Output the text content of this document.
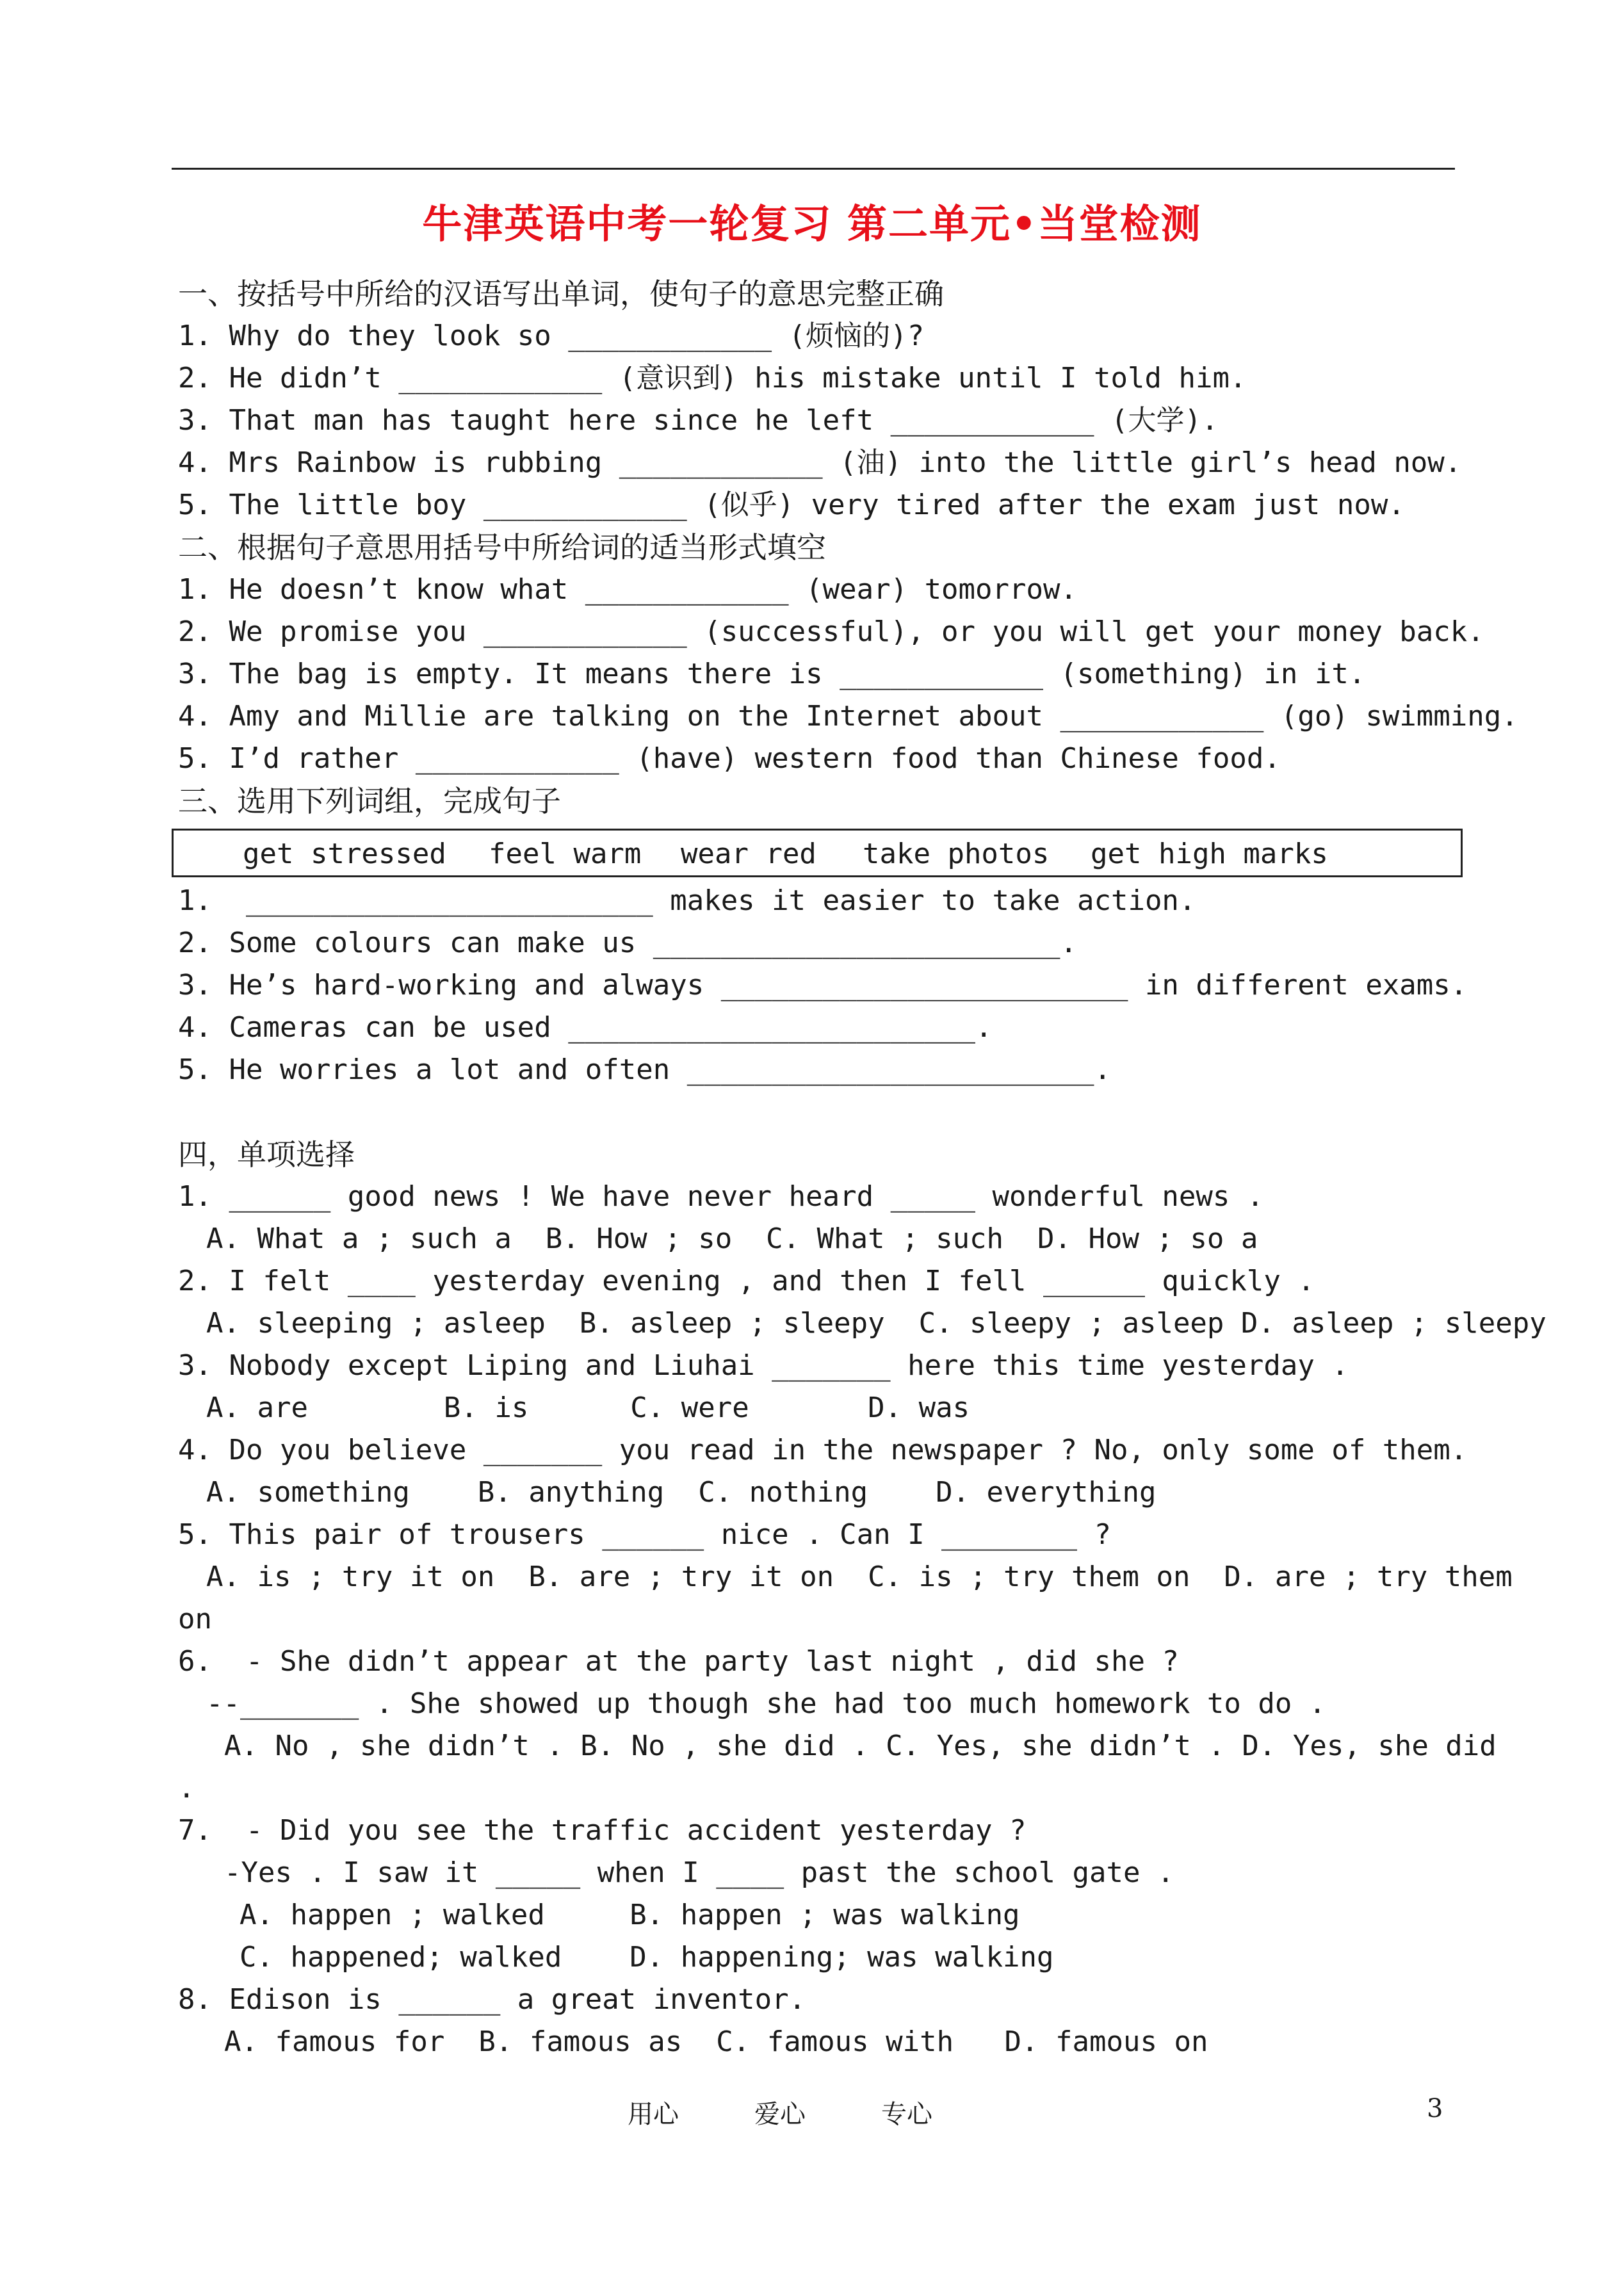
牛津英语中考一轮复习 第二单元•当堂检测
一、按括号中所给的汉语写出单词，使句子的意思完整正确
1. Why do they look so ____________ (烦恼的)?
2. He didn’t ____________ (意识到) his mistake until I told him.
3. That man has taught here since he left ____________ (大学).
4. Mrs Rainbow is rubbing ____________ (油) into the little girl’s head now.
5. The little boy ____________ (似乎) very tired after the exam just now.
二、根据句子意思用括号中所给词的适当形式填空
1. He doesn’t know what ____________ (wear) tomorrow.
2. We promise you ____________ (successful), or you will get your money back.
3. The bag is empty. It means there is ____________ (something) in it.
4. Amy and Millie are talking on the Internet about ____________ (go) swimming.
5. I’d rather ____________ (have) western food than Chinese food.
三、选用下列词组，完成句子
get stressed feel warm wear red take photos get high marks
1.  ________________________ makes it easier to take action.
2. Some colours can make us ________________________.
3. He’s hard-working and always ________________________ in different exams.
4. Cameras can be used ________________________.
5. He worries a lot and often ________________________.
四，单项选择
1. ______ good news ! We have never heard _____ wonderful news .
A. What a ; such a  B. How ; so  C. What ; such  D. How ; so a
2. I felt ____ yesterday evening , and then I fell ______ quickly .
A. sleeping ; asleep  B. asleep ; sleepy  C. sleepy ; asleep D. asleep ; sleepy
3. Nobody except Liping and Liuhai _______ here this time yesterday .
A. are        B. is      C. were       D. was
4. Do you believe _______ you read in the newspaper ? No, only some of them.
A. something    B. anything  C. nothing    D. everything
5. This pair of trousers ______ nice . Can I ________ ?
A. is ; try it on  B. are ; try it on  C. is ; try them on  D. are ; try them
on
6.  - She didn’t appear at the party last night , did she ?
--_______ . She showed up though she had too much homework to do .
A. No , she didn’t . B. No , she did . C. Yes, she didn’t . D. Yes, she did
.
7.  - Did you see the traffic accident yesterday ?
-Yes . I saw it _____ when I ____ past the school gate .
A. happen ; walked     B. happen ; was walking
C. happened; walked    D. happening; was walking
8. Edison is ______ a great inventor.
A. famous for  B. famous as  C. famous with   D. famous on
用心	爱心	专心	3
